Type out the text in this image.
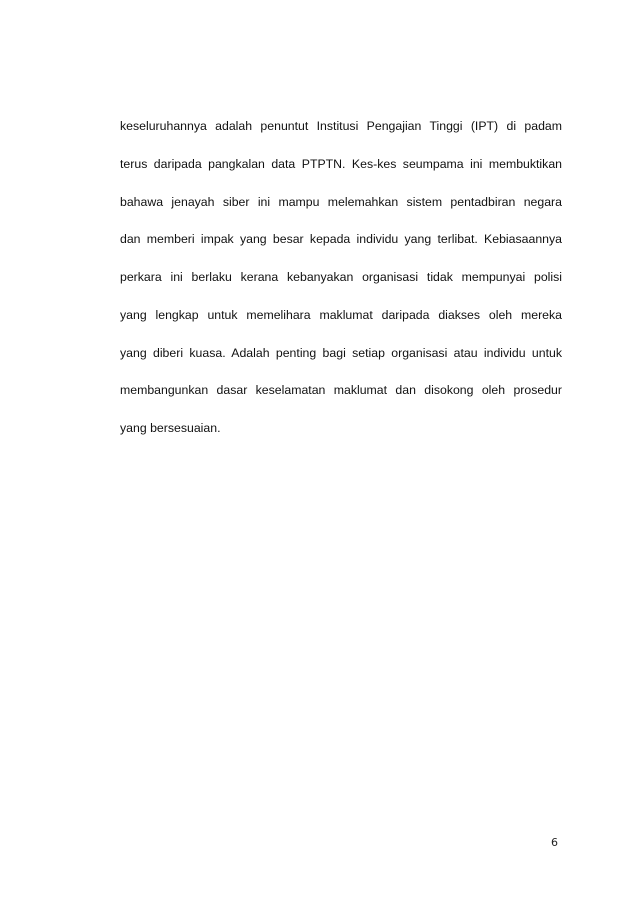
keseluruhannya adalah penuntut Institusi Pengajian Tinggi (IPT) di padam
terus daripada pangkalan data PTPTN. Kes-kes seumpama ini membuktikan
bahawa jenayah siber ini mampu melemahkan sistem pentadbiran negara
dan memberi impak yang besar kepada individu yang terlibat. Kebiasaannya
perkara ini berlaku kerana kebanyakan organisasi tidak mempunyai polisi
yang lengkap untuk memelihara maklumat daripada diakses oleh mereka
yang diberi kuasa. Adalah penting bagi setiap organisasi atau individu untuk
membangunkan dasar keselamatan maklumat dan disokong oleh prosedur
yang bersesuaian.
6
